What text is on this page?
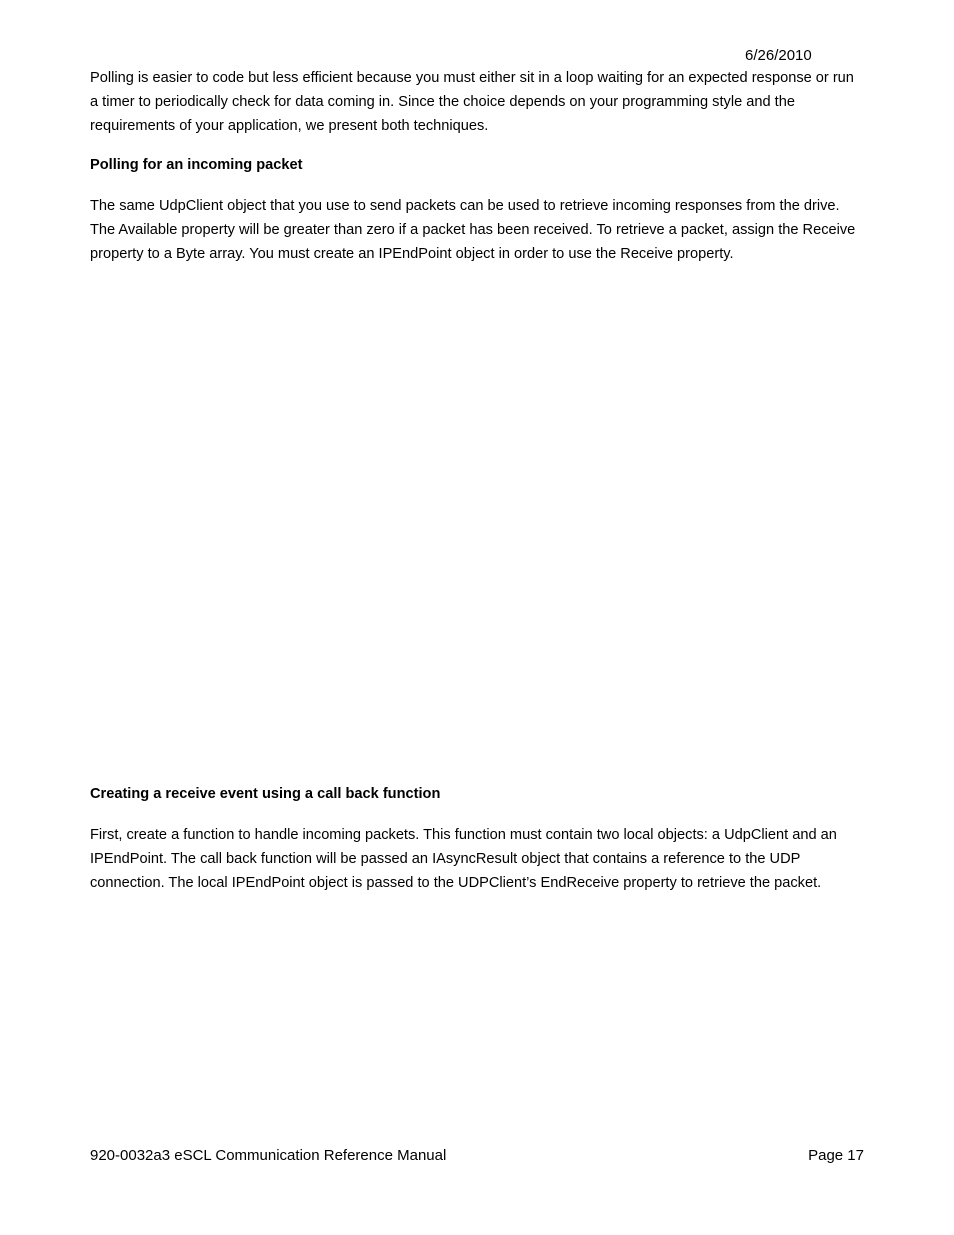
6/26/2010

Polling is easier to code but less efficient because you must either sit in a loop waiting for an expected response or run a timer to periodically check for data coming in. Since the choice depends on your programming style and the requirements of your application, we present both techniques.

Polling for an incoming packet

The same UdpClient object that you use to send packets can be used to retrieve incoming responses from the drive. The Available property will be greater than zero if a packet has been received. To retrieve a packet, assign the Receive property to a Byte array. You must create an IPEndPoint object in order to use the Receive property.

Creating a receive event using a call back function

First, create a function to handle incoming packets. This function must contain two local objects: a UdpClient and an IPEndPoint. The call back function will be passed an IAsyncResult object that contains a reference to the UDP connection. The local IPEndPoint object is passed to the UDPClient’s EndReceive property to retrieve the packet.

920-0032a3 eSCL Communication Reference Manual	Page 17
